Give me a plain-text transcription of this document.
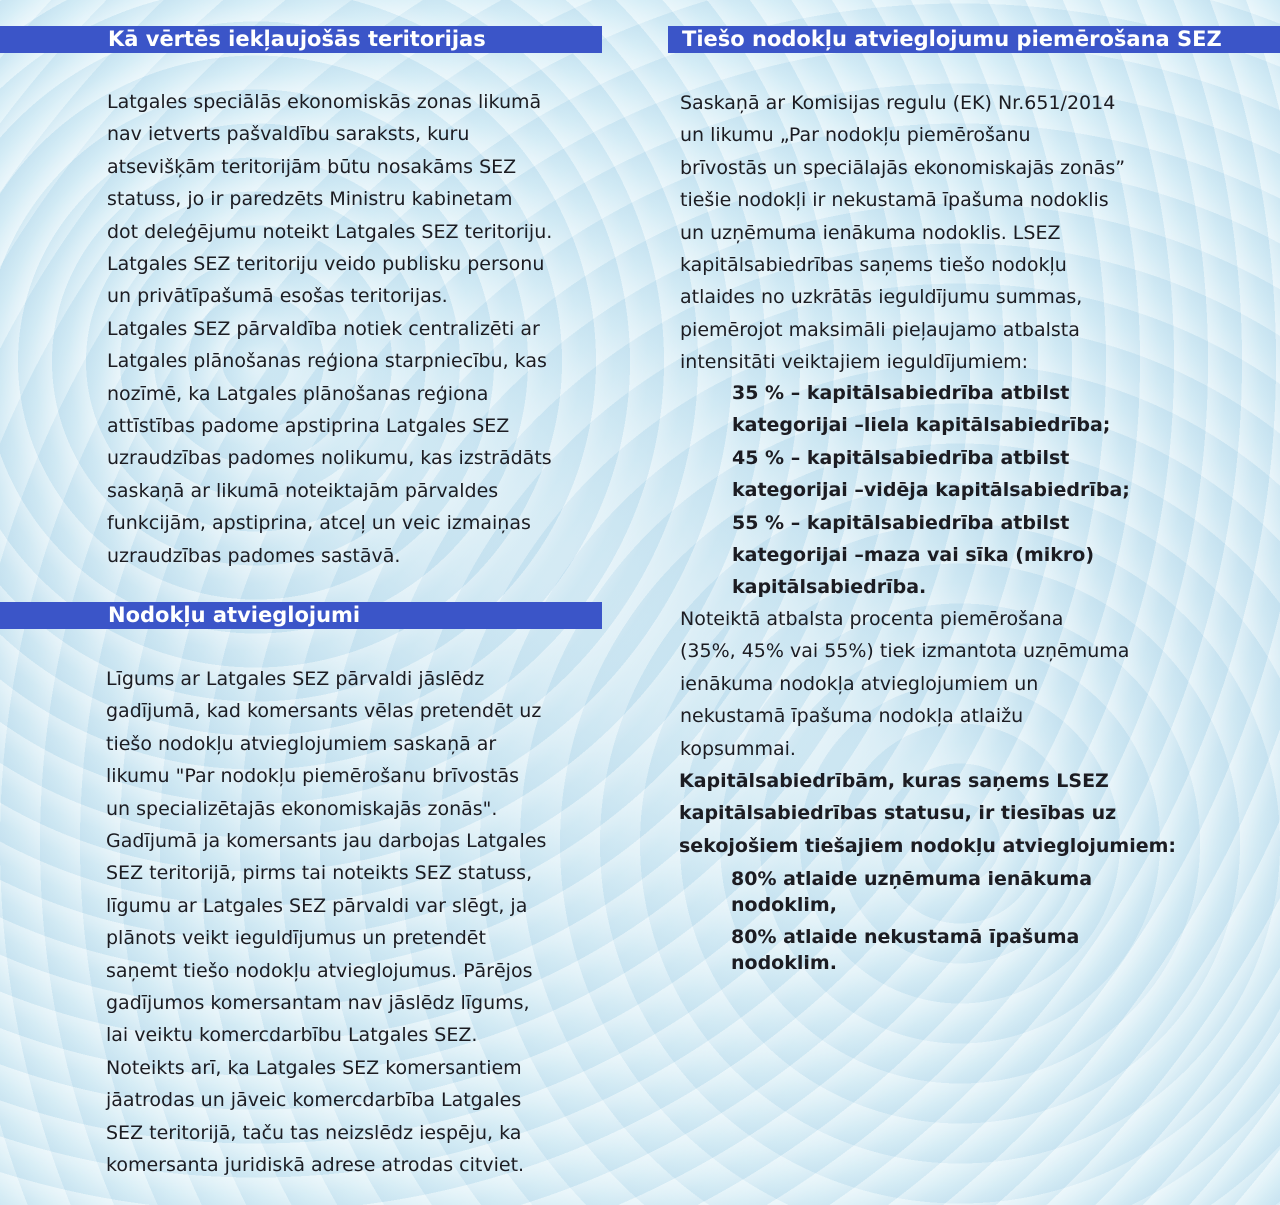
Kā vērtēs iekļaujošās teritorijas
Latgales speciālās ekonomiskās zonas likumā
nav ietverts pašvaldību saraksts, kuru
atsevišķām teritorijām būtu nosakāms SEZ
statuss, jo ir paredzēts Ministru kabinetam
dot deleģējumu noteikt Latgales SEZ teritoriju.
Latgales SEZ teritoriju veido publisku personu
un privātīpašumā esošas teritorijas.
Latgales SEZ pārvaldība notiek centralizēti ar
Latgales plānošanas reģiona starpniecību, kas
nozīmē, ka Latgales plānošanas reģiona
attīstības padome apstiprina Latgales SEZ
uzraudzības padomes nolikumu, kas izstrādāts
saskaņā ar likumā noteiktajām pārvaldes
funkcijām, apstiprina, atceļ un veic izmaiņas
uzraudzības padomes sastāvā.
Nodokļu atvieglojumi
Līgums ar Latgales SEZ pārvaldi jāslēdz
gadījumā, kad komersants vēlas pretendēt uz
tiešo nodokļu atvieglojumiem saskaņā ar
likumu "Par nodokļu piemērošanu brīvostās
un specializētajās ekonomiskajās zonās".
Gadījumā ja komersants jau darbojas Latgales
SEZ teritorijā, pirms tai noteikts SEZ statuss,
līgumu ar Latgales SEZ pārvaldi var slēgt, ja
plānots veikt ieguldījumus un pretendēt
saņemt tiešo nodokļu atvieglojumus. Pārējos
gadījumos komersantam nav jāslēdz līgums,
lai veiktu komercdarbību Latgales SEZ.
Noteikts arī, ka Latgales SEZ komersantiem
jāatrodas un jāveic komercdarbība Latgales
SEZ teritorijā, taču tas neizslēdz iespēju, ka
komersanta juridiskā adrese atrodas citviet.
Tiešo nodokļu atvieglojumu piemērošana SEZ
Saskaņā ar Komisijas regulu (EK) Nr.651/2014
un likumu „Par nodokļu piemērošanu
brīvostās un speciālajās ekonomiskajās zonās”
tiešie nodokļi ir nekustamā īpašuma nodoklis
un uzņēmuma ienākuma nodoklis. LSEZ
kapitālsabiedrības saņems tiešo nodokļu
atlaides no uzkrātās ieguldījumu summas,
piemērojot maksimāli pieļaujamo atbalsta
intensitāti veiktajiem ieguldījumiem:
35 % – kapitālsabiedrība atbilst
kategorijai –liela kapitālsabiedrība;
45 % – kapitālsabiedrība atbilst
kategorijai –vidēja kapitālsabiedrība;
55 % – kapitālsabiedrība atbilst
kategorijai –maza vai sīka (mikro)
kapitālsabiedrība.
Noteiktā atbalsta procenta piemērošana
(35%, 45% vai 55%) tiek izmantota uzņēmuma
ienākuma nodokļa atvieglojumiem un
nekustamā īpašuma nodokļa atlaižu
kopsummai.
Kapitālsabiedrībām, kuras saņems LSEZ
kapitālsabiedrības statusu, ir tiesības uz
sekojošiem tiešajiem nodokļu atvieglojumiem:
80% atlaide uzņēmuma ienākuma
nodoklim,
80% atlaide nekustamā īpašuma
nodoklim.
